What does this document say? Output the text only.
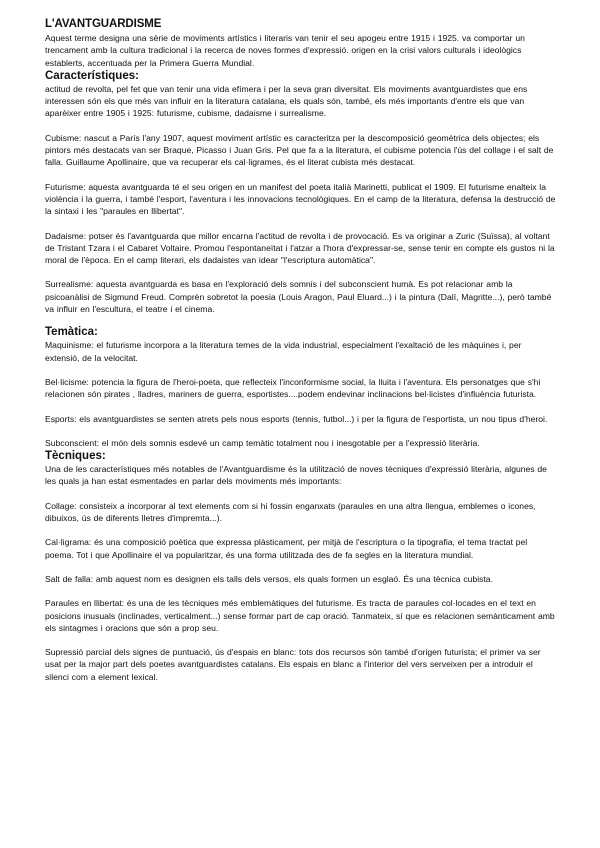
L'AVANTGUARDISME

Aquest terme designa una sèrie de moviments artístics i literaris van tenir el seu apogeu entre 1915 i 1925. va comportar un trencament amb la cultura tradicional i la recerca de noves formes d'expressió. origen en la crisi valors culturals i ideològics establerts, accentuada per la Primera Guerra Mundial.

Característiques:

actitud de revolta, pel fet que van tenir una vida efímera i per la seva gran diversitat. Els moviments avantguardistes que ens interessen són els que més van influir en la literatura catalana, els quals són, també, els més importants d'entre els que van aparèixer entre 1905 i 1925: futurisme, cubisme, dadaisme i surrealisme.

Cubisme: nascut a París l'any 1907, aquest moviment artístic es caracteritza per la descomposició geomètrica dels objectes; els pintors més destacats van ser Braque, Picasso i Juan Gris. Pel que fa a la literatura, el cubisme potencia l'ús del collage i el salt de falla. Guillaume Apollinaire, que va recuperar els cal·ligrames, és el literat cubista més destacat.

Futurisme: aquesta avantguarda té el seu origen en un manifest del poeta italià Marinetti, publicat el 1909. El futurisme enalteix la violència i la guerra, i també l'esport, l'aventura i les innovacions tecnològiques. En el camp de la literatura, defensa la destrucció de la sintaxi i les "paraules en llibertat".

Dadaisme: potser és l'avantguarda que millor encarna l'actitud de revolta i de provocació. Es va originar a Zuric (Suïssa), al voltant de Tristant Tzara i el Cabaret Voltaire. Promou l'espontaneïtat i l'atzar a l'hora d'expressar-se, sense tenir en compte els gustos ni la moral de l'època. En el camp literari, els dadaistes van idear "l'escriptura automàtica".

Surrealisme: aquesta avantguarda es basa en l'exploració dels somnis i del subconscient humà. Es pot relacionar amb la psicoanàlisi de Sigmund Freud. Comprèn sobretot la poesia (Louis Aragon, Paul Eluard...) i la pintura (Dalí, Magritte...), però també va influir en l'escultura, el teatre i el cinema.

Temàtica:

Maquinisme: el futurisme incorpora a la literatura temes de la vida industrial, especialment l'exaltació de les màquines i, per extensió, de la velocitat.

Bel·licisme: potencia la figura de l'heroi-poeta, que reflecteix l'inconformisme social, la lluita i l'aventura. Els personatges que s'hi relacionen són pirates , lladres, mariners de guerra, esportistes....podem endevinar inclinacions bel·licistes d'influència futurista.

Esports: els avantguardistes se senten atrets pels nous esports (tennis, futbol...) i per la figura de l'esportista, un nou tipus d'heroi.

Subconscient: el món dels somnis esdevé un camp temàtic totalment nou i inesgotable per a l'expressió literària.

Tècniques:

Una de les característiques més notables de l'Avantguardisme és la utilització de noves tècniques d'expressió literària, algunes de les quals ja han estat esmentades en parlar dels moviments més importants:

Collage: consisteix a incorporar al text elements com si hi fossin enganxats (paraules en una altra llengua, emblemes o icones, dibuixos, ús de diferents lletres d'impremta...).

Cal·ligrama: és una composició poètica que expressa plàsticament, per mitjà de l'escriptura o la tipografia, el tema tractat pel poema. Tot i que Apollinaire el va popularitzar, és una forma utilitzada des de fa segles en la literatura mundial.

Salt de falla: amb aquest nom es designen els talls dels versos, els quals formen un esglaó. És una tècnica cubista.

Paraules en llibertat: és una de les tècniques més emblemàtiques del futurisme. Es tracta de paraules col·locades en el text en posicions inusuals (inclinades, verticalment...) sense formar part de cap oració. Tanmateix, sí que es relacionen semànticament amb els sintagmes i oracions que són a prop seu.

Supressió parcial dels signes de puntuació, ús d'espais en blanc: tots dos recursos són també d'origen futurista; el primer va ser usat per la major part dels poetes avantguardistes catalans. Els espais en blanc a l'interior del vers serveixen per a introduir el silenci com a element lexical.
